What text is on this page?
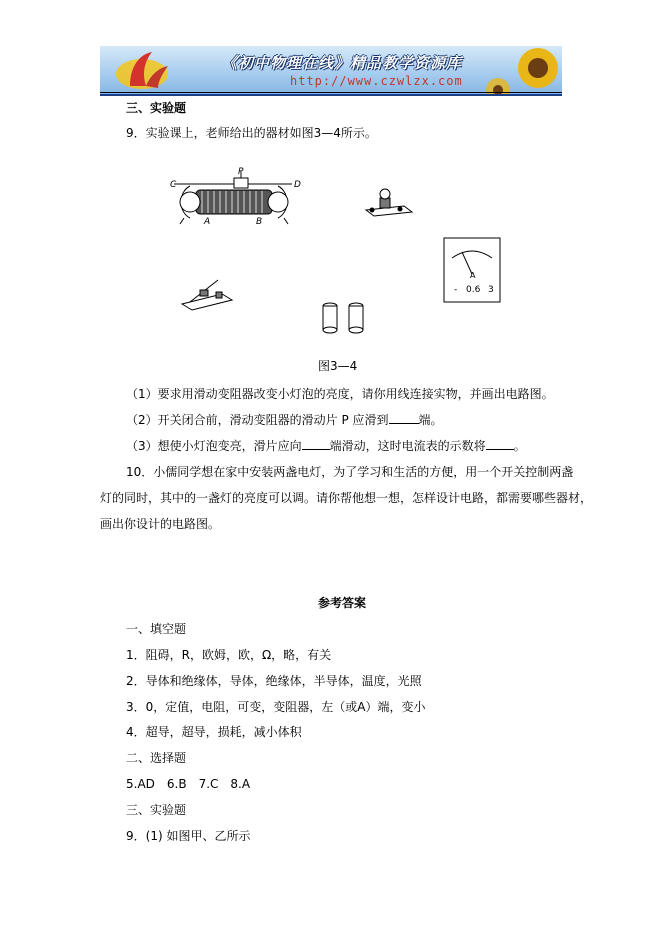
《初中物理在线》精品教学资源库
http://www.czwlzx.com
三、实验题
9．实验课上，老师给出的器材如图3—4所示。
C	D
P
A	B
A
- 0.6 3
图3—4
（1）要求用滑动变阻器改变小灯泡的亮度，请你用线连接实物，并画出电路图。
（2）开关闭合前，滑动变阻器的滑动片 P 应滑到	端。
（3）想使小灯泡变亮，滑片应向 端滑动，这时电流表的示数将 。
10．小儒同学想在家中安装两盏电灯，为了学习和生活的方便，用一个开关控制两盏
灯的同时，其中的一盏灯的亮度可以调。请你帮他想一想，怎样设计电路，都需要哪些器材，
画出你设计的电路图。
参考答案
一、填空题
1．阻碍，R，欧姆，欧，Ω，略，有关
2．导体和绝缘体，导体，绝缘体，半导体，温度，光照
3．0，定值，电阻，可变，变阻器，左（或A）端，变小
4．超导，超导，损耗，减小体积
二、选择题
5.AD　6.B　7.C　8.A
三、实验题
9．(1) 如图甲、乙所示
